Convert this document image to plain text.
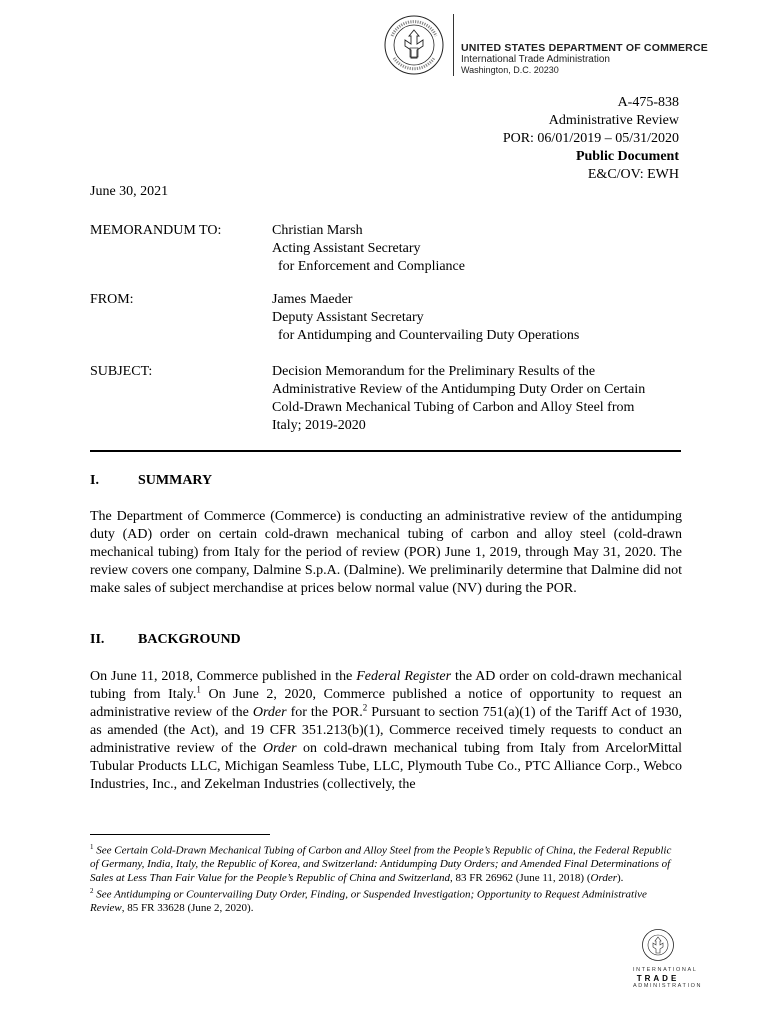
UNITED STATES DEPARTMENT OF COMMERCE
International Trade Administration
Washington, D.C. 20230
A-475-838
Administrative Review
POR: 06/01/2019 – 05/31/2020
Public Document
E&C/OV: EWH
June 30, 2021
MEMORANDUM TO:	Christian Marsh
Acting Assistant Secretary
for Enforcement and Compliance
FROM:	James Maeder
Deputy Assistant Secretary
for Antidumping and Countervailing Duty Operations
SUBJECT:	Decision Memorandum for the Preliminary Results of the
Administrative Review of the Antidumping Duty Order on Certain
Cold-Drawn Mechanical Tubing of Carbon and Alloy Steel from
Italy; 2019-2020
I.	SUMMARY
The Department of Commerce (Commerce) is conducting an administrative review of the antidumping duty (AD) order on certain cold-drawn mechanical tubing of carbon and alloy steel (cold-drawn mechanical tubing) from Italy for the period of review (POR) June 1, 2019, through May 31, 2020. The review covers one company, Dalmine S.p.A. (Dalmine). We preliminarily determine that Dalmine did not make sales of subject merchandise at prices below normal value (NV) during the POR.
II. BACKGROUND
On June 11, 2018, Commerce published in the Federal Register the AD order on cold-drawn mechanical tubing from Italy.$^1$ On June 2, 2020, Commerce published a notice of opportunity to request an administrative review of the Order for the POR.$^2$ Pursuant to section 751(a)(1) of the Tariff Act of 1930, as amended (the Act), and 19 CFR 351.213(b)(1), Commerce received timely requests to conduct an administrative review of the Order on cold-drawn mechanical tubing from Italy from ArcelorMittal Tubular Products LLC, Michigan Seamless Tube, LLC, Plymouth Tube Co., PTC Alliance Corp., Webco Industries, Inc., and Zekelman Industries (collectively, the

$^1$ See Certain Cold-Drawn Mechanical Tubing of Carbon and Alloy Steel from the People’s Republic of China, the Federal Republic of Germany, India, Italy, the Republic of Korea, and Switzerland: Antidumping Duty Orders; and Amended Final Determinations of Sales at Less Than Fair Value for the People’s Republic of China and Switzerland, 83 FR 26962 (June 11, 2018) (Order).

$^2$ See Antidumping or Countervailing Duty Order, Finding, or Suspended Investigation; Opportunity to Request Administrative Review, 85 FR 33628 (June 2, 2020).

INTERNATIONAL
TRADE
ADMINISTRATION
